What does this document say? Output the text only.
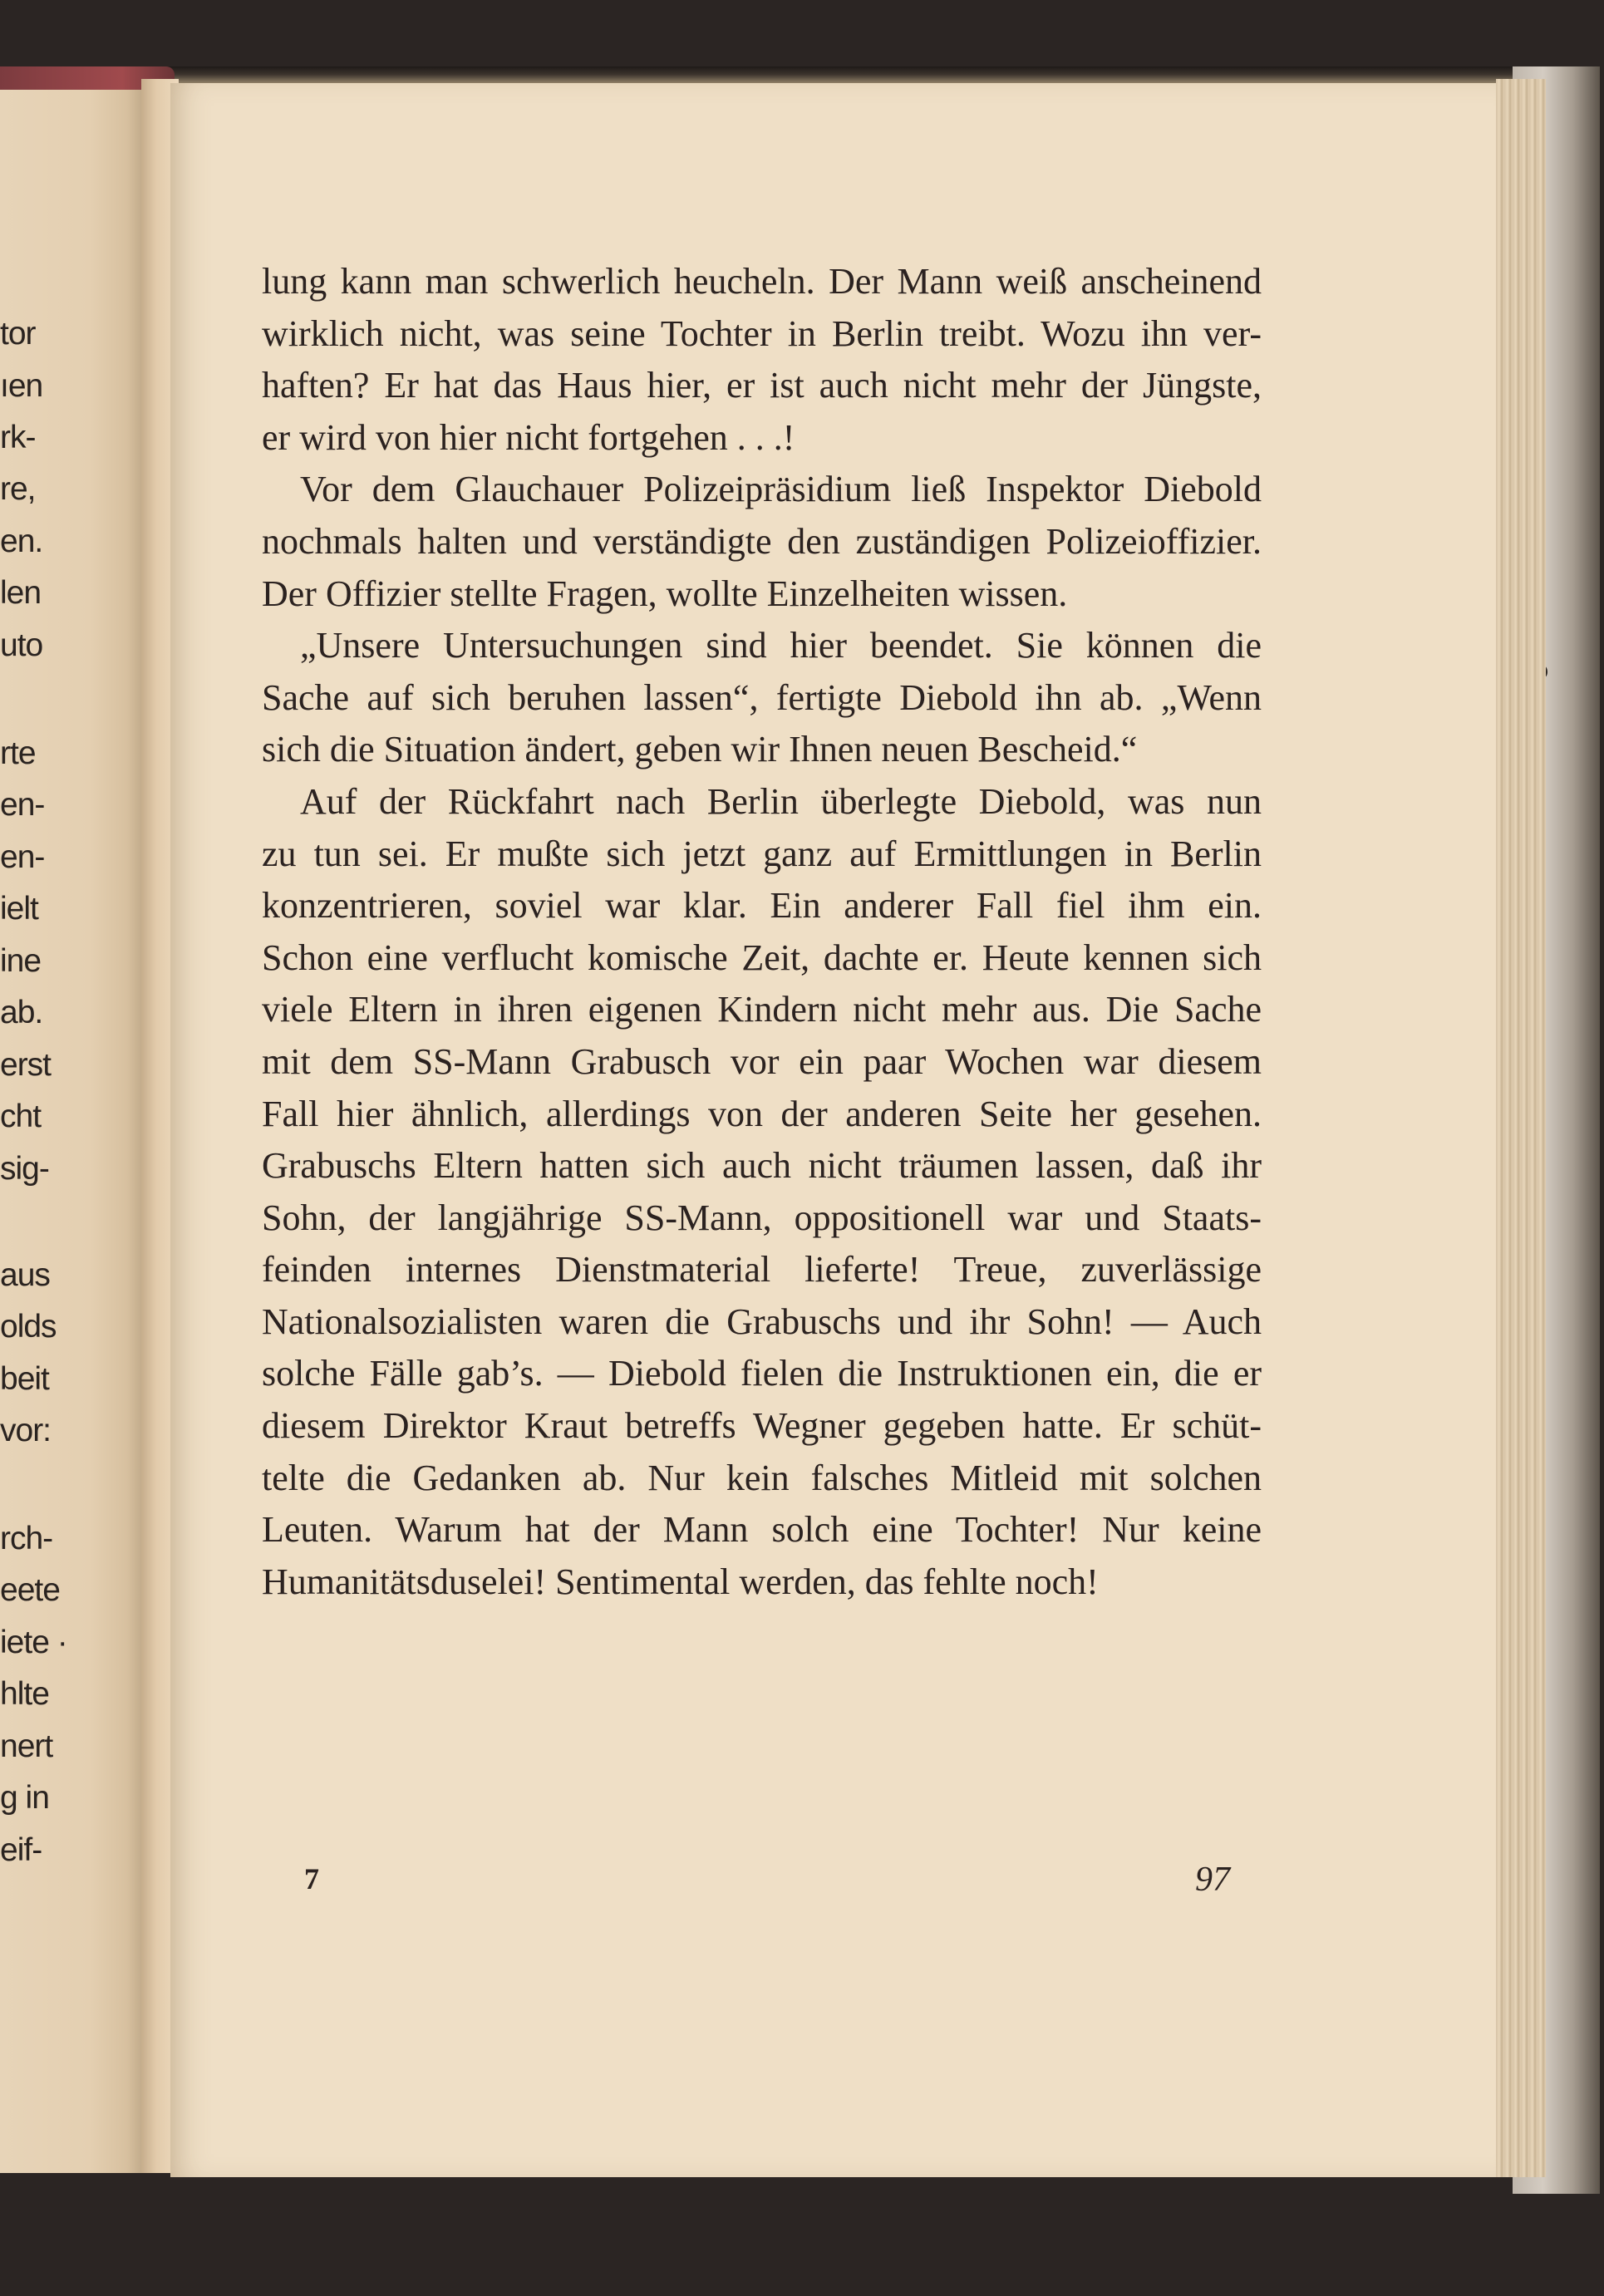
tor
ıen
rk-
re,
en.
len
uto
rte
en-
en-
ielt
ine
ab.
erst
cht
sig-
aus
olds
beit
vor:
rch-
eete
iete ·
hlte
nert
g in
eif-
lung kann man schwerlich heucheln. Der Mann weiß anscheinend
wirklich nicht, was seine Tochter in Berlin treibt. Wozu ihn ver-
haften? Er hat das Haus hier, er ist auch nicht mehr der Jüngste,
er wird von hier nicht fortgehen . . .!
Vor dem Glauchauer Polizeipräsidium ließ Inspektor Diebold
nochmals halten und verständigte den zuständigen Polizeioffizier.
Der Offizier stellte Fragen, wollte Einzelheiten wissen.
„Unsere Untersuchungen sind hier beendet. Sie können die
Sache auf sich beruhen lassen“, fertigte Diebold ihn ab. „Wenn
sich die Situation ändert, geben wir Ihnen neuen Bescheid.“
Auf der Rückfahrt nach Berlin überlegte Diebold, was nun
zu tun sei. Er mußte sich jetzt ganz auf Ermittlungen in Berlin
konzentrieren, soviel war klar. Ein anderer Fall fiel ihm ein.
Schon eine verflucht komische Zeit, dachte er. Heute kennen sich
viele Eltern in ihren eigenen Kindern nicht mehr aus. Die Sache
mit dem SS-Mann Grabusch vor ein paar Wochen war diesem
Fall hier ähnlich, allerdings von der anderen Seite her gesehen.
Grabuschs Eltern hatten sich auch nicht träumen lassen, daß ihr
Sohn, der langjährige SS-Mann, oppositionell war und Staats-
feinden internes Dienstmaterial lieferte! Treue, zuverlässige
Nationalsozialisten waren die Grabuschs und ihr Sohn! — Auch
solche Fälle gab’s. — Diebold fielen die Instruktionen ein, die er
diesem Direktor Kraut betreffs Wegner gegeben hatte. Er schüt-
telte die Gedanken ab. Nur kein falsches Mitleid mit solchen
Leuten. Warum hat der Mann solch eine Tochter! Nur keine
Humanitätsduselei! Sentimental werden, das fehlte noch!
7	97
